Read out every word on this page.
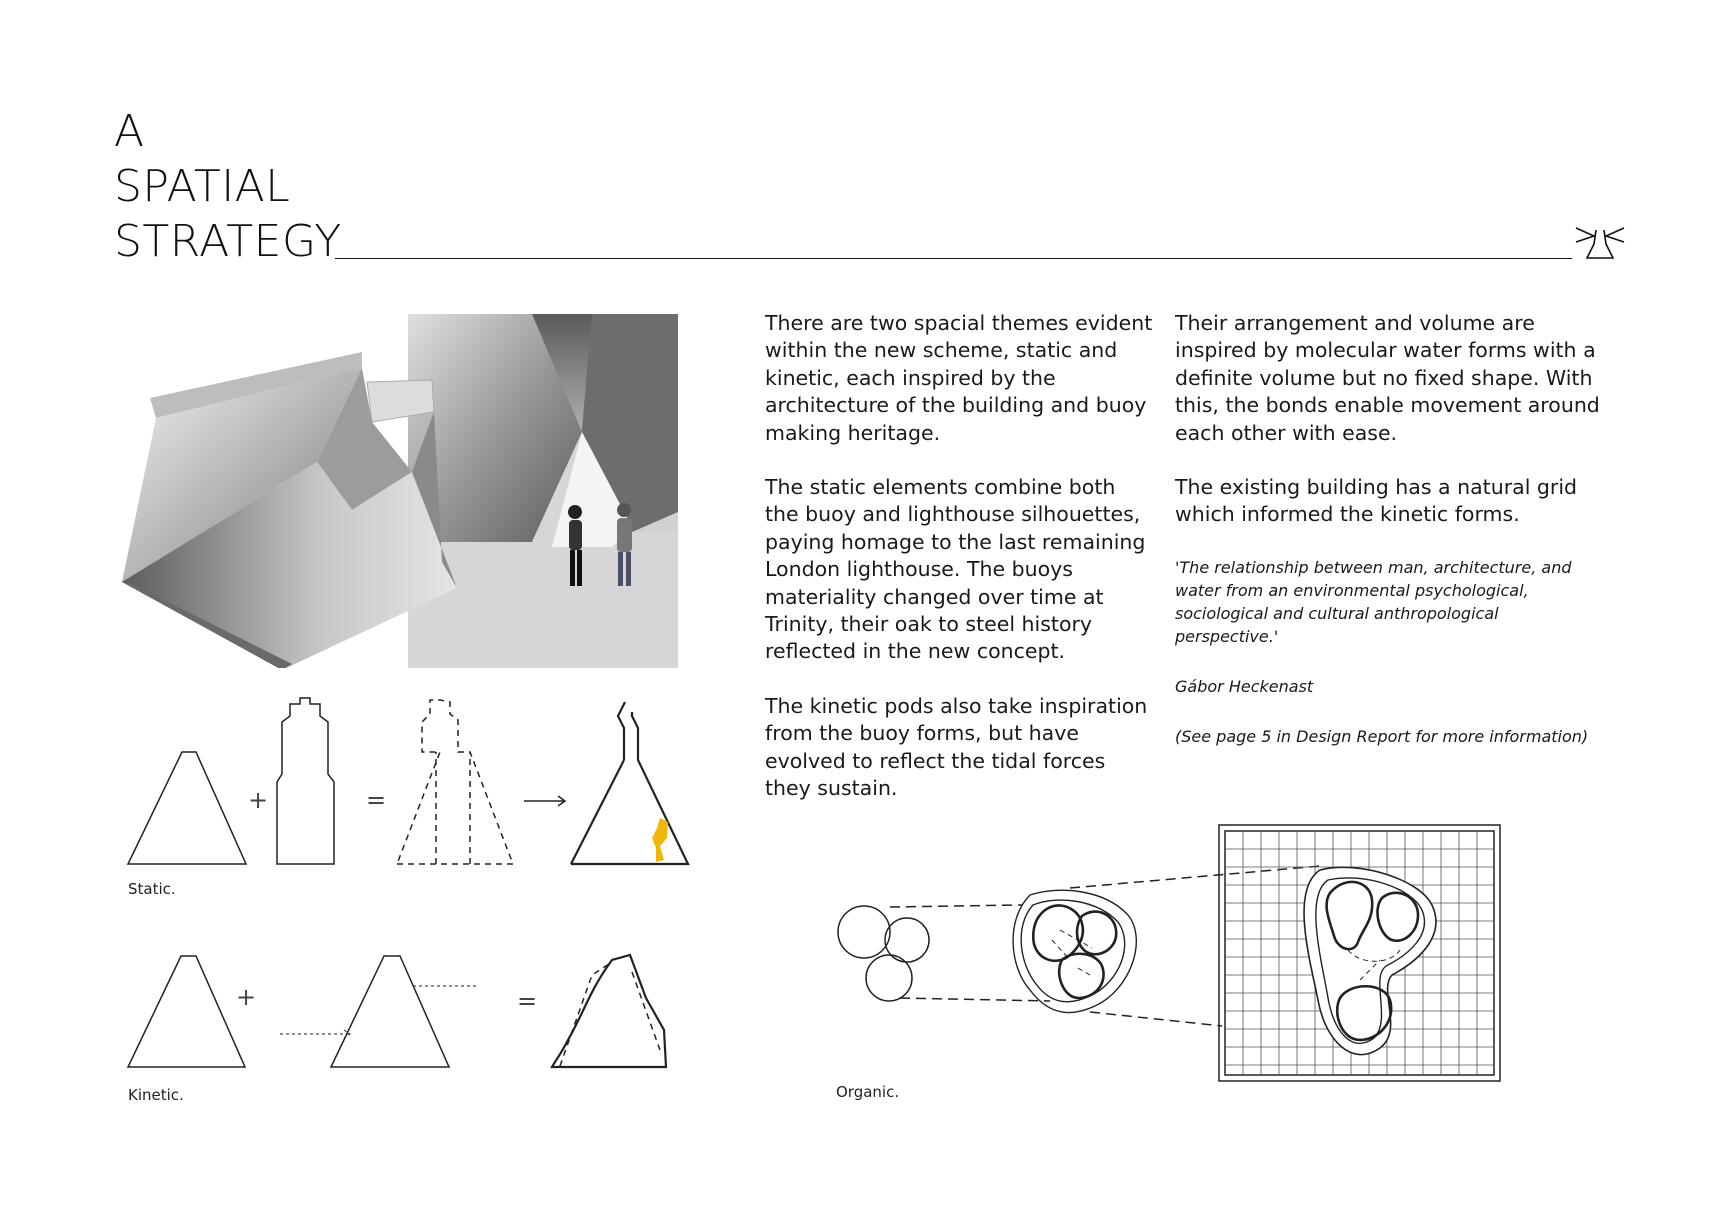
A
SPATIAL
STRATEGY

There are two spacial themes evident within the new scheme, static and kinetic, each inspired by the architecture of the building and buoy making heritage.

The static elements combine both the buoy and lighthouse silhouettes, paying homage to the last remaining London lighthouse. The buoys materiality changed over time at Trinity, their oak to steel history reflected in the new concept.

The kinetic pods also take inspiration from the buoy forms, but have evolved to reflect the tidal forces they sustain.

Their arrangement and volume are inspired by molecular water forms with a definite volume but no fixed shape. With this, the bonds enable movement around each other with ease.

The existing building has a natural grid which informed the kinetic forms.

'The relationship between man, architecture, and water from an environmental psychological, sociological and cultural anthropological perspective.'

Gábor Heckenast

(See page 5 in Design Report for more information)

+	=
+	=
Static.
Kinetic.	Organic.
